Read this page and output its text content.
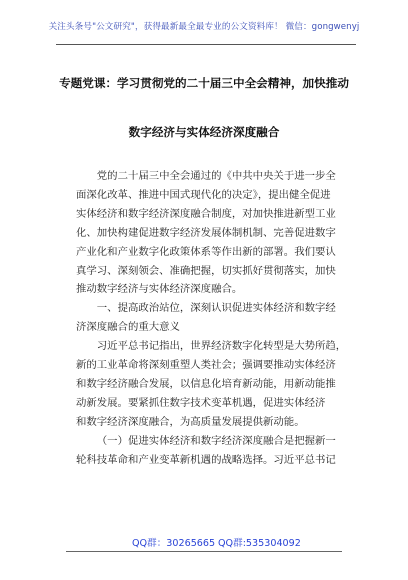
关注头条号"公文研究"，获得最新最全最专业的公文资料库！ 微信：gongwenyj
专题党课：学习贯彻党的二十届三中全会精神，加快推动
数字经济与实体经济深度融合

党的二十届三中全会通过的《中共中央关于进一步全

面深化改革、推进中国式现代化的决定》，提出健全促进

实体经济和数字经济深度融合制度，对加快推进新型工业

化、加快构建促进数字经济发展体制机制、完善促进数字

产业化和产业数字化政策体系等作出新的部署。我们要认

真学习、深刻领会、准确把握，切实抓好贯彻落实，加快

推动数字经济与实体经济深度融合。

一、提高政治站位，深刻认识促进实体经济和数字经

济深度融合的重大意义

习近平总书记指出，世界经济数字化转型是大势所趋，

新的工业革命将深刻重塑人类社会；强调要推动实体经济

和数字经济融合发展，以信息化培育新动能，用新动能推

动新发展。要紧抓住数字技术变革机遇，促进实体经济

和数字经济深度融合，为高质量发展提供新动能。

（一）促进实体经济和数字经济深度融合是把握新一

轮科技革命和产业变革新机遇的战略选择。习近平总书记

QQ群：30265665 QQ群:535304092
